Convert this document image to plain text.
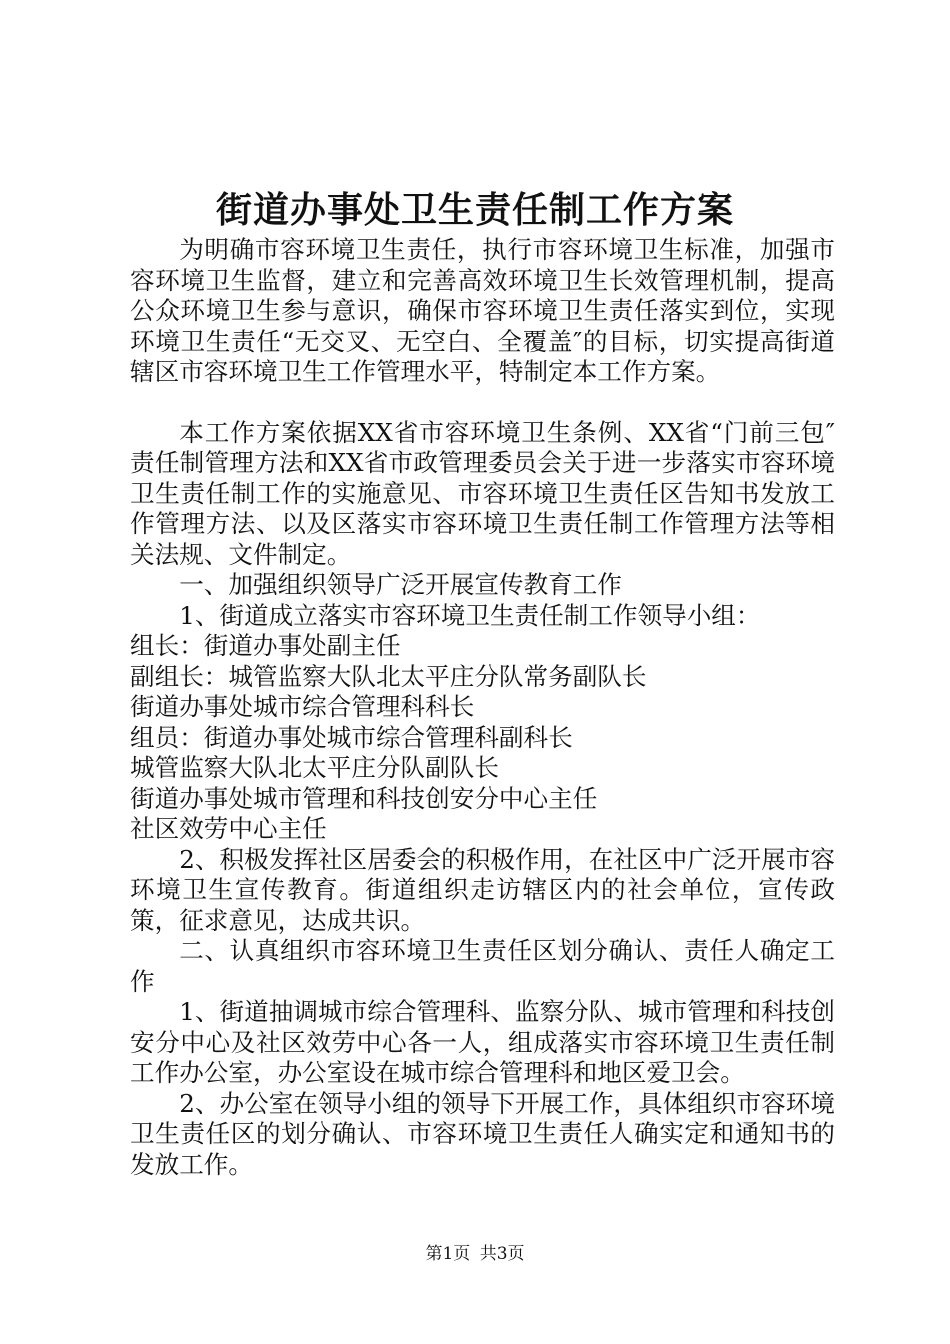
街道办事处卫生责任制工作方案

为明确市容环境卫生责任，执行市容环境卫生标准，加强市容环境卫生监督，建立和完善高效环境卫生长效管理机制，提高公众环境卫生参与意识，确保市容环境卫生责任落实到位，实现环境卫生责任“无交叉、无空白、全覆盖″的目标，切实提高街道辖区市容环境卫生工作管理水平，特制定本工作方案。

本工作方案依据XX省市容环境卫生条例、XX省“门前三包″责任制管理方法和XX省市政管理委员会关于进一步落实市容环境卫生责任制工作的实施意见、市容环境卫生责任区告知书发放工作管理方法、以及区落实市容环境卫生责任制工作管理方法等相关法规、文件制定。

一、加强组织领导广泛开展宣传教育工作

1、街道成立落实市容环境卫生责任制工作领导小组：

组长：街道办事处副主任

副组长：城管监察大队北太平庄分队常务副队长

街道办事处城市综合管理科科长

组员：街道办事处城市综合管理科副科长

城管监察大队北太平庄分队副队长

街道办事处城市管理和科技创安分中心主任

社区效劳中心主任

2、积极发挥社区居委会的积极作用，在社区中广泛开展市容环境卫生宣传教育。街道组织走访辖区内的社会单位，宣传政策，征求意见，达成共识。

二、认真组织市容环境卫生责任区划分确认、责任人确定工作

1、街道抽调城市综合管理科、监察分队、城市管理和科技创安分中心及社区效劳中心各一人，组成落实市容环境卫生责任制工作办公室，办公室设在城市综合管理科和地区爱卫会。

2、办公室在领导小组的领导下开展工作，具体组织市容环境卫生责任区的划分确认、市容环境卫生责任人确实定和通知书的发放工作。

第1页 共3页
